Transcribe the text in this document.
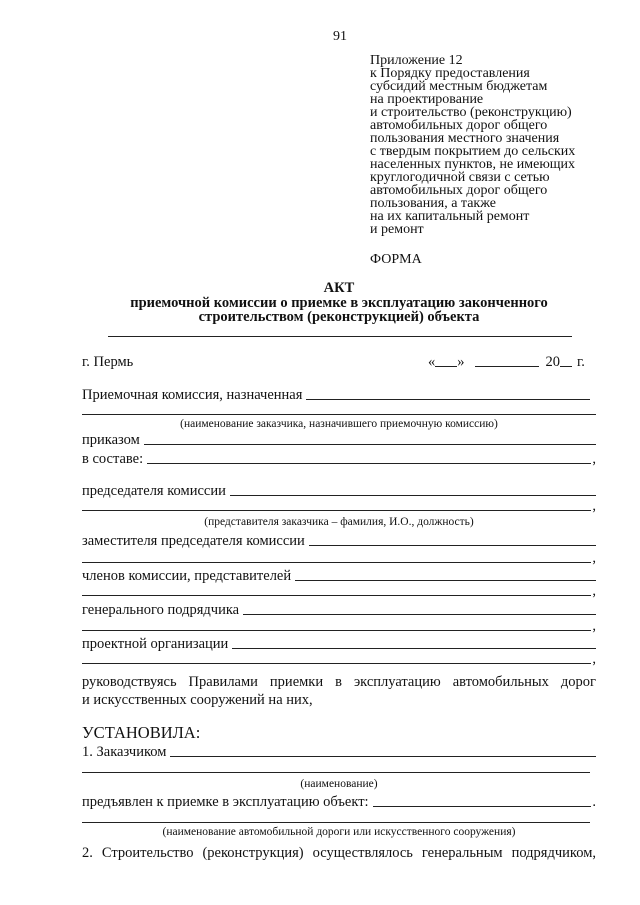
91
Приложение 12
к Порядку предоставления
субсидий местным бюджетам
на проектирование
и строительство (реконструкцию)
автомобильных дорог общего
пользования местного значения
с твердым покрытием до сельских
населенных пунктов, не имеющих
круглогодичной связи с сетью
автомобильных дорог общего
пользования, а также
на их капитальный ремонт
и ремонт
ФОРМА
АКТ
приемочной комиссии о приемке в эксплуатацию законченного
строительством (реконструкцией) объекта
г. Пермь	« »	20 г.
Приемочная комиссия, назначенная
(наименование заказчика, назначившего приемочную комиссию)
приказом
в составе:	,
председателя комиссии
,
(представителя заказчика – фамилия, И.О., должность)
заместителя председателя комиссии
,
членов комиссии, представителей
,
генерального подрядчика
,
проектной организации
,
руководствуясь Правилами приемки в эксплуатацию автомобильных дорог
и искусственных сооружений на них,
УСТАНОВИЛА:
1. Заказчиком
(наименование)
предъявлен к приемке в эксплуатацию объект:	.
(наименование автомобильной дороги или искусственного сооружения)
2. Строительство (реконструкция) осуществлялось генеральным подрядчиком,
